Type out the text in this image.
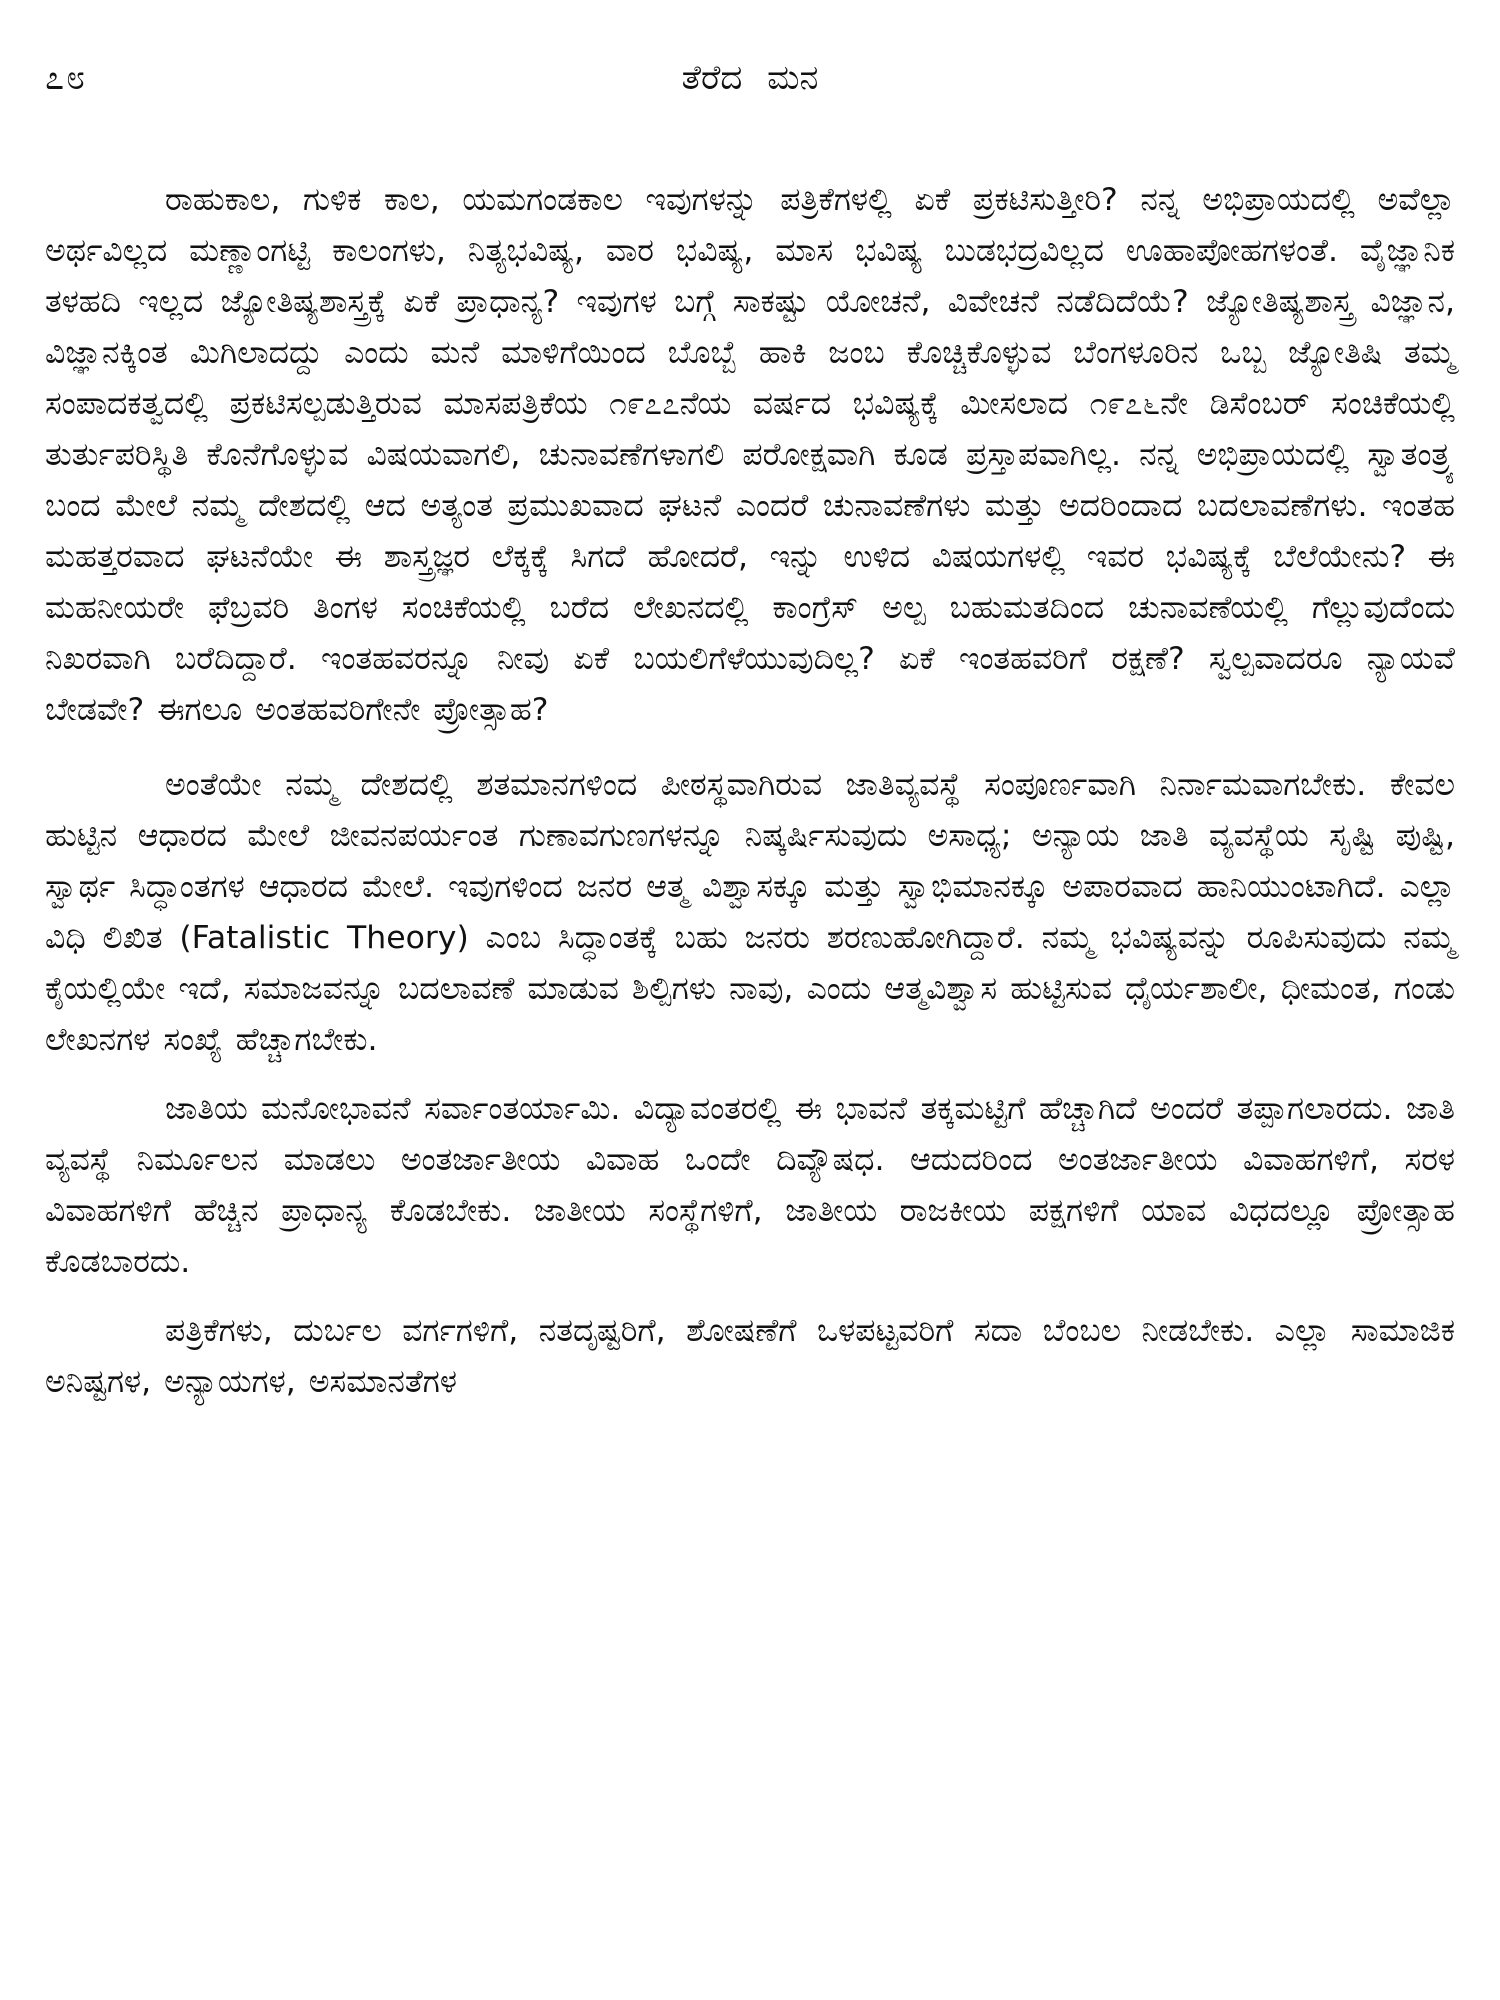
೭೮	ತೆರೆದ ಮನ

ರಾಹುಕಾಲ, ಗುಳಿಕ ಕಾಲ, ಯಮಗಂಡಕಾಲ ಇವುಗಳನ್ನು ಪತ್ರಿಕೆಗಳಲ್ಲಿ ಏಕೆ ಪ್ರಕಟಿಸುತ್ತೀರಿ? ನನ್ನ ಅಭಿಪ್ರಾಯದಲ್ಲಿ ಅವೆಲ್ಲಾ ಅರ್ಥವಿಲ್ಲದ ಮಣ್ಣಾಂಗಟ್ಟಿ ಕಾಲಂಗಳು, ನಿತ್ಯಭವಿಷ್ಯ, ವಾರ ಭವಿಷ್ಯ, ಮಾಸ ಭವಿಷ್ಯ ಬುಡಭದ್ರವಿಲ್ಲದ ಊಹಾಪೋಹಗಳಂತೆ. ವೈಜ್ಞಾನಿಕ ತಳಹದಿ ಇಲ್ಲದ ಜ್ಯೋತಿಷ್ಯಶಾಸ್ತ್ರಕ್ಕೆ ಏಕೆ ಪ್ರಾಧಾನ್ಯ? ಇವುಗಳ ಬಗ್ಗೆ ಸಾಕಷ್ಟು ಯೋಚನೆ, ವಿವೇಚನೆ ನಡೆದಿದೆಯೆ? ಜ್ಯೋತಿಷ್ಯಶಾಸ್ತ್ರ ವಿಜ್ಞಾನ, ವಿಜ್ಞಾನಕ್ಕಿಂತ ಮಿಗಿಲಾದದ್ದು ಎಂದು ಮನೆ ಮಾಳಿಗೆಯಿಂದ ಬೊಬ್ಬೆ ಹಾಕಿ ಜಂಬ ಕೊಚ್ಚಿಕೊಳ್ಳುವ ಬೆಂಗಳೂರಿನ ಒಬ್ಬ ಜ್ಯೋತಿಷಿ ತಮ್ಮ ಸಂಪಾದಕತ್ವದಲ್ಲಿ ಪ್ರಕಟಿಸಲ್ಪಡುತ್ತಿರುವ ಮಾಸಪತ್ರಿಕೆಯ ೧೯೭೭ನೆಯ ವರ್ಷದ ಭವಿಷ್ಯಕ್ಕೆ ಮೀಸಲಾದ ೧೯೭೬ನೇ ಡಿಸೆಂಬರ್ ಸಂಚಿಕೆಯಲ್ಲಿ ತುರ್ತುಪರಿಸ್ಥಿತಿ ಕೊನೆಗೊಳ್ಳುವ ವಿಷಯವಾಗಲಿ, ಚುನಾವಣೆಗಳಾಗಲಿ ಪರೋಕ್ಷವಾಗಿ ಕೂಡ ಪ್ರಸ್ತಾಪವಾಗಿಲ್ಲ. ನನ್ನ ಅಭಿಪ್ರಾಯದಲ್ಲಿ ಸ್ವಾತಂತ್ರ್ಯ ಬಂದ ಮೇಲೆ ನಮ್ಮ ದೇಶದಲ್ಲಿ ಆದ ಅತ್ಯಂತ ಪ್ರಮುಖವಾದ ಘಟನೆ ಎಂದರೆ ಚುನಾವಣೆಗಳು ಮತ್ತು ಅದರಿಂದಾದ ಬದಲಾವಣೆಗಳು. ಇಂತಹ ಮಹತ್ತರವಾದ ಘಟನೆಯೇ ಈ ಶಾಸ್ತ್ರಜ್ಞರ ಲೆಕ್ಕಕ್ಕೆ ಸಿಗದೆ ಹೋದರೆ, ಇನ್ನು ಉಳಿದ ವಿಷಯಗಳಲ್ಲಿ ಇವರ ಭವಿಷ್ಯಕ್ಕೆ ಬೆಲೆಯೇನು? ಈ ಮಹನೀಯರೇ ಫೆಬ್ರವರಿ ತಿಂಗಳ ಸಂಚಿಕೆಯಲ್ಲಿ ಬರೆದ ಲೇಖನದಲ್ಲಿ ಕಾಂಗ್ರೆಸ್ ಅಲ್ಪ ಬಹುಮತದಿಂದ ಚುನಾವಣೆಯಲ್ಲಿ ಗೆಲ್ಲುವುದೆಂದು ನಿಖರವಾಗಿ ಬರೆದಿದ್ದಾರೆ. ಇಂತಹವರನ್ನೂ ನೀವು ಏಕೆ ಬಯಲಿಗೆಳೆಯುವುದಿಲ್ಲ? ಏಕೆ ಇಂತಹವರಿಗೆ ರಕ್ಷಣೆ? ಸ್ವಲ್ಪವಾದರೂ ನ್ಯಾಯವೆ ಬೇಡವೇ? ಈಗಲೂ ಅಂತಹವರಿಗೇನೇ ಪ್ರೋತ್ಸಾಹ?

ಅಂತೆಯೇ ನಮ್ಮ ದೇಶದಲ್ಲಿ ಶತಮಾನಗಳಿಂದ ಪೀಠಸ್ಥವಾಗಿರುವ ಜಾತಿವ್ಯವಸ್ಥೆ ಸಂಪೂರ್ಣವಾಗಿ ನಿರ್ನಾಮವಾಗಬೇಕು. ಕೇವಲ ಹುಟ್ಟಿನ ಆಧಾರದ ಮೇಲೆ ಜೀವನಪರ್ಯಂತ ಗುಣಾವಗುಣಗಳನ್ನೂ ನಿಷ್ಕರ್ಷಿಸುವುದು ಅಸಾಧ್ಯ; ಅನ್ಯಾಯ ಜಾತಿ ವ್ಯವಸ್ಥೆಯ ಸೃಷ್ಟಿ ಪುಷ್ಟಿ, ಸ್ವಾರ್ಥ ಸಿದ್ಧಾಂತಗಳ ಆಧಾರದ ಮೇಲೆ. ಇವುಗಳಿಂದ ಜನರ ಆತ್ಮ ವಿಶ್ವಾಸಕ್ಕೂ ಮತ್ತು ಸ್ವಾಭಿಮಾನಕ್ಕೂ ಅಪಾರವಾದ ಹಾನಿಯುಂಟಾಗಿದೆ. ಎಲ್ಲಾ ವಿಧಿ ಲಿಖಿತ (Fatalistic Theory) ಎಂಬ ಸಿದ್ಧಾಂತಕ್ಕೆ ಬಹು ಜನರು ಶರಣುಹೋಗಿದ್ದಾರೆ. ನಮ್ಮ ಭವಿಷ್ಯವನ್ನು ರೂಪಿಸುವುದು ನಮ್ಮ ಕೈಯಲ್ಲಿಯೇ ಇದೆ, ಸಮಾಜವನ್ನೂ ಬದಲಾವಣೆ ಮಾಡುವ ಶಿಲ್ಪಿಗಳು ನಾವು, ಎಂದು ಆತ್ಮವಿಶ್ವಾಸ ಹುಟ್ಟಿಸುವ ಧೈರ್ಯಶಾಲೀ, ಧೀಮಂತ, ಗಂಡು ಲೇಖನಗಳ ಸಂಖ್ಯೆ ಹೆಚ್ಚಾಗಬೇಕು.

ಜಾತಿಯ ಮನೋಭಾವನೆ ಸರ್ವಾಂತರ್ಯಾಮಿ. ವಿದ್ಯಾವಂತರಲ್ಲಿ ಈ ಭಾವನೆ ತಕ್ಕಮಟ್ಟಿಗೆ ಹೆಚ್ಚಾಗಿದೆ ಅಂದರೆ ತಪ್ಪಾಗಲಾರದು. ಜಾತಿ ವ್ಯವಸ್ಥೆ ನಿರ್ಮೂಲನ ಮಾಡಲು ಅಂತರ್ಜಾತೀಯ ವಿವಾಹ ಒಂದೇ ದಿವ್ಯೌಷಧ. ಆದುದರಿಂದ ಅಂತರ್ಜಾತೀಯ ವಿವಾಹಗಳಿಗೆ, ಸರಳ ವಿವಾಹಗಳಿಗೆ ಹೆಚ್ಚಿನ ಪ್ರಾಧಾನ್ಯ ಕೊಡಬೇಕು. ಜಾತೀಯ ಸಂಸ್ಥೆಗಳಿಗೆ, ಜಾತೀಯ ರಾಜಕೀಯ ಪಕ್ಷಗಳಿಗೆ ಯಾವ ವಿಧದಲ್ಲೂ ಪ್ರೋತ್ಸಾಹ ಕೊಡಬಾರದು.

ಪತ್ರಿಕೆಗಳು, ದುರ್ಬಲ ವರ್ಗಗಳಿಗೆ, ನತದೃಷ್ಟರಿಗೆ, ಶೋಷಣೆಗೆ ಒಳಪಟ್ಟವರಿಗೆ ಸದಾ ಬೆಂಬಲ ನೀಡಬೇಕು. ಎಲ್ಲಾ ಸಾಮಾಜಿಕ ಅನಿಷ್ಟಗಳ, ಅನ್ಯಾಯಗಳ, ಅಸಮಾನತೆಗಳ
